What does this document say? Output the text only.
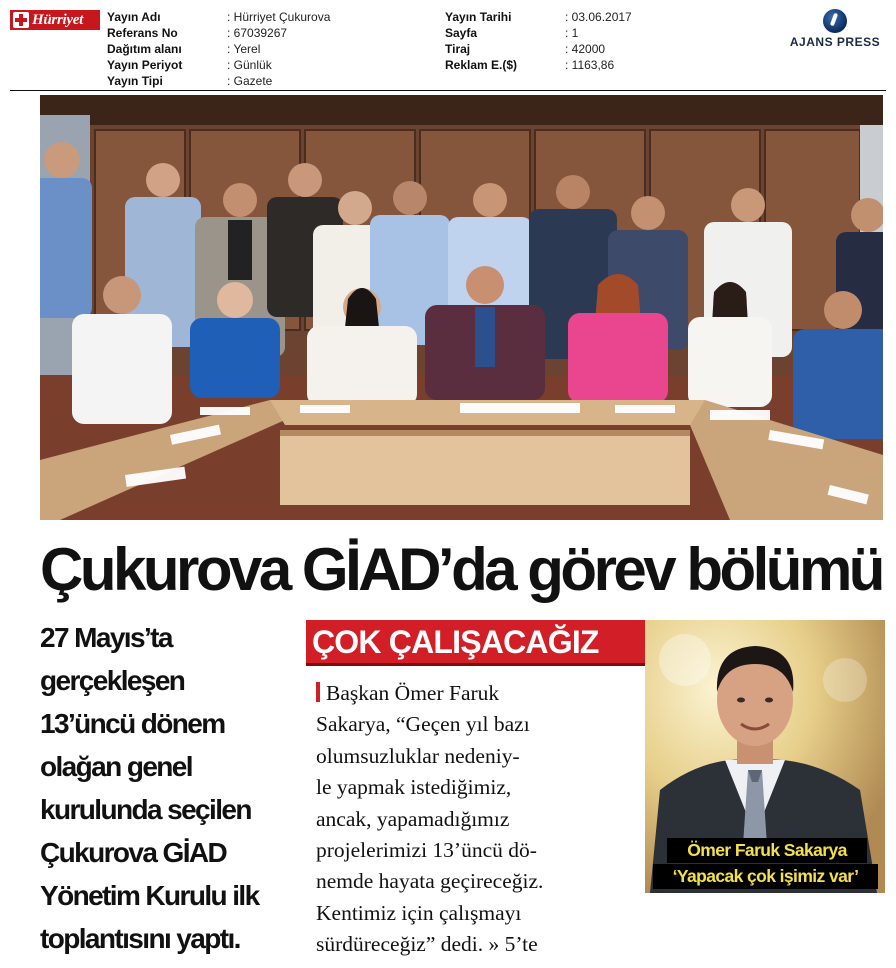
Hürriyet Yayın Adı	: Hürriyet Çukurova
Referans No	: 67039267
Dağıtım alanı	: Yerel
Yayın Periyot	: Günlük
Yayın Tipi	: Gazete
Yayın Tarihi	: 03.06.2017
Sayfa	: 1
Tiraj	: 42000
Reklam E.($)	: 1163,86
AJANS PRESS
Çukurova GİAD’da görev bölümü
27 Mayıs’ta
gerçekleşen
13’üncü dönem
olağan genel
kurulunda seçilen
Çukurova GİAD
Yönetim Kurulu ilk
toplantısını yaptı.
ÇOK ÇALIŞACAĞIZ
Başkan Ömer Faruk
Sakarya, “Geçen yıl bazı
olumsuzluklar nedeniy-
le yapmak istediğimiz,
ancak, yapamadığımız
projelerimizi 13’üncü dö-
nemde hayata geçireceğiz.
Kentimiz için çalışmayı
sürdüreceğiz” dedi. » 5’te
Ömer Faruk Sakarya
‘Yapacak çok işimiz var’
